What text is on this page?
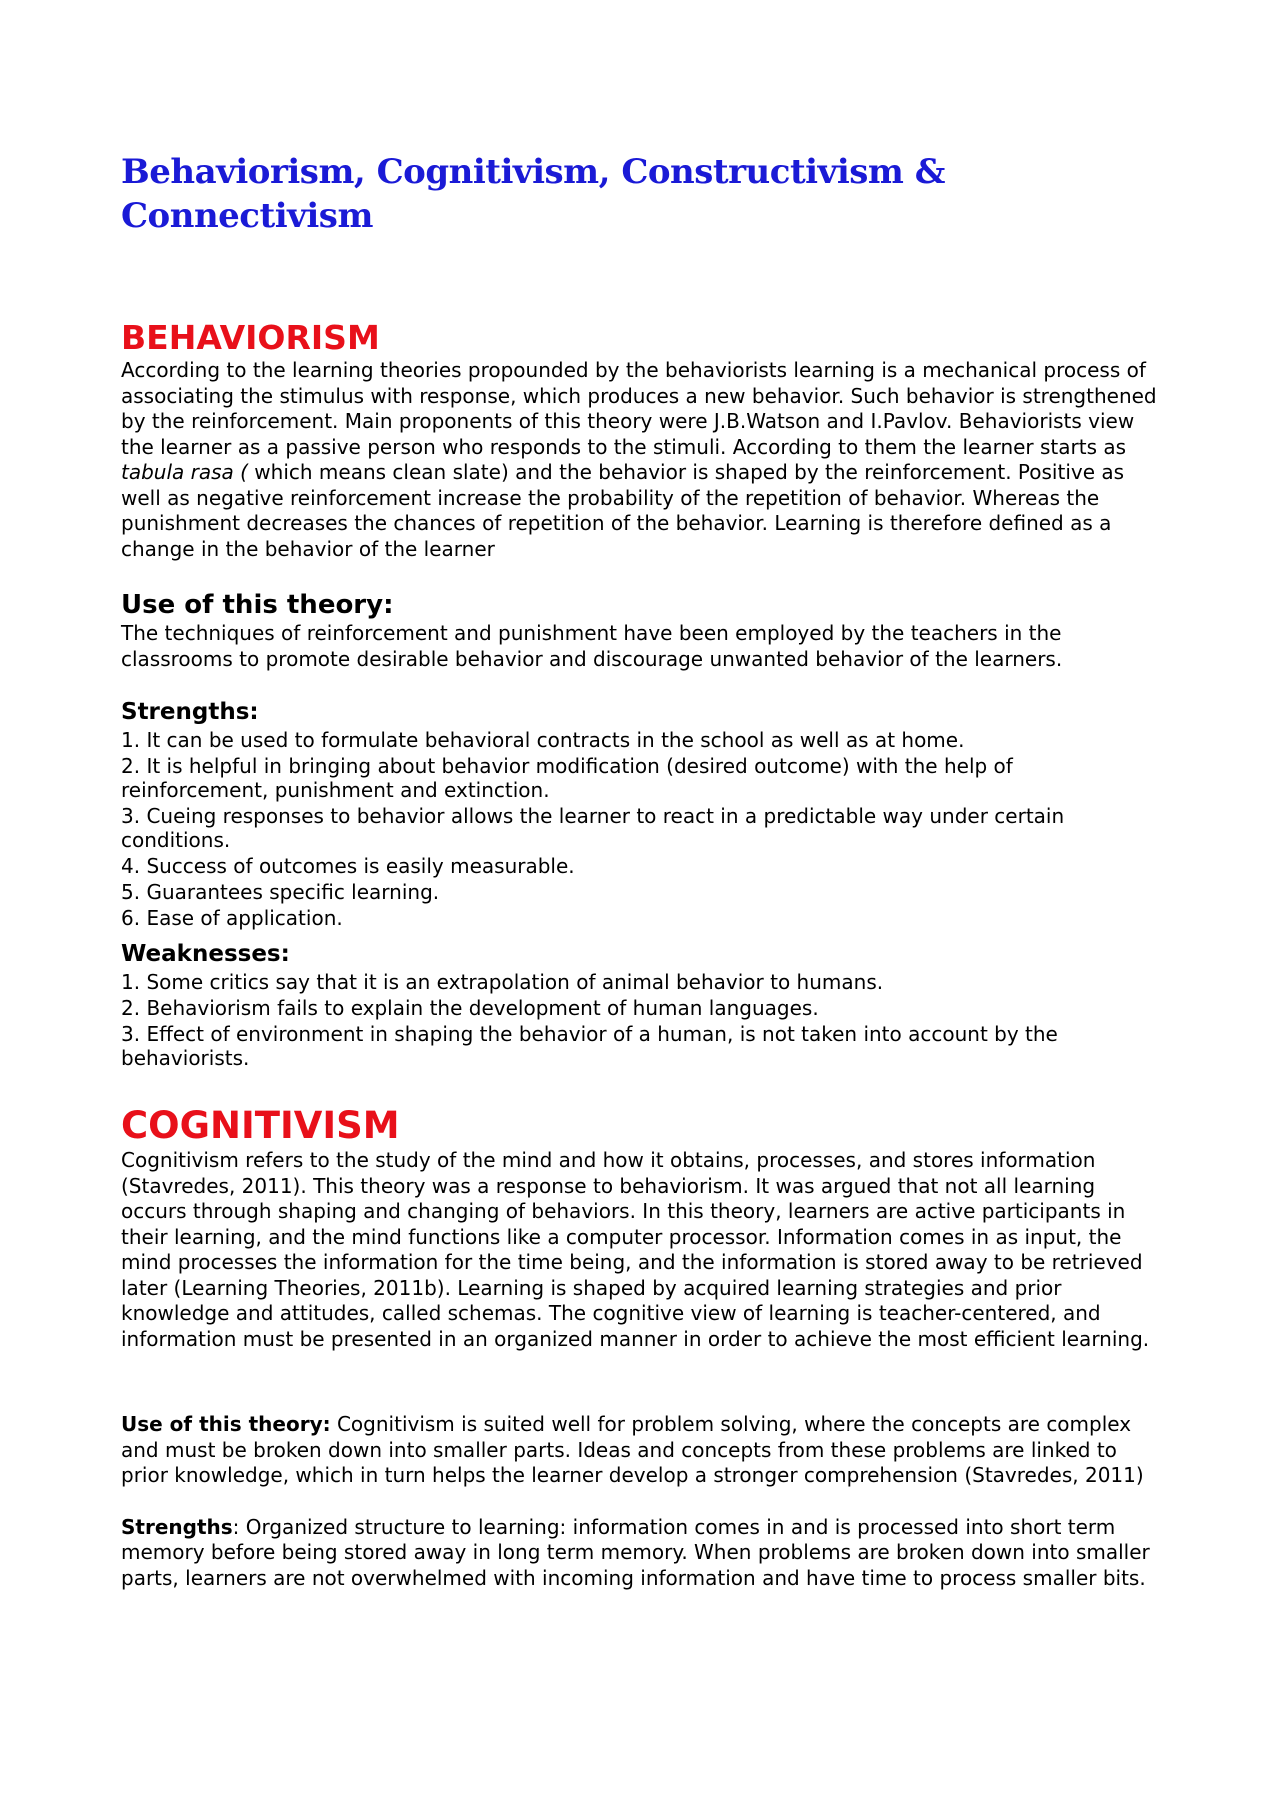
Behaviorism, Cognitivism, Constructivism & Connectivism
BEHAVIORISM

According to the learning theories propounded by the behaviorists learning is a mechanical process of associating the stimulus with response, which produces a new behavior. Such behavior is strengthened by the reinforcement. Main proponents of this theory were J.B.Watson and I.Pavlov. Behaviorists view the learner as a passive person who responds to the stimuli. According to them the learner starts as tabula rasa ( which means clean slate) and the behavior is shaped by the reinforcement. Positive as well as negative reinforcement increase the probability of the repetition of behavior. Whereas the punishment decreases the chances of repetition of the behavior. Learning is therefore defined as a change in the behavior of the learner

Use of this theory:

The techniques of reinforcement and punishment have been employed by the teachers in the classrooms to promote desirable behavior and discourage unwanted behavior of the learners.

Strengths:
1. It can be used to formulate behavioral contracts in the school as well as at home.
2. It is helpful in bringing about behavior modification (desired outcome) with the help of reinforcement, punishment and extinction.
3. Cueing responses to behavior allows the learner to react in a predictable way under certain conditions.
4. Success of outcomes is easily measurable.
5. Guarantees specific learning.
6. Ease of application.
Weaknesses:
1. Some critics say that it is an extrapolation of animal behavior to humans.
2. Behaviorism fails to explain the development of human languages.
3. Effect of environment in shaping the behavior of a human, is not taken into account by the behaviorists.
COGNITIVISM

Cognitivism refers to the study of the mind and how it obtains, processes, and stores information (Stavredes, 2011). This theory was a response to behaviorism. It was argued that not all learning occurs through shaping and changing of behaviors. In this theory, learners are active participants in their learning, and the mind functions like a computer processor. Information comes in as input, the mind processes the information for the time being, and the information is stored away to be retrieved later (Learning Theories, 2011b). Learning is shaped by acquired learning strategies and prior knowledge and attitudes, called schemas. The cognitive view of learning is teacher-centered, and information must be presented in an organized manner in order to achieve the most efficient learning.

Use of this theory: Cognitivism is suited well for problem solving, where the concepts are complex and must be broken down into smaller parts. Ideas and concepts from these problems are linked to prior knowledge, which in turn helps the learner develop a stronger comprehension (Stavredes, 2011)

Strengths: Organized structure to learning: information comes in and is processed into short term memory before being stored away in long term memory. When problems are broken down into smaller parts, learners are not overwhelmed with incoming information and have time to process smaller bits.
